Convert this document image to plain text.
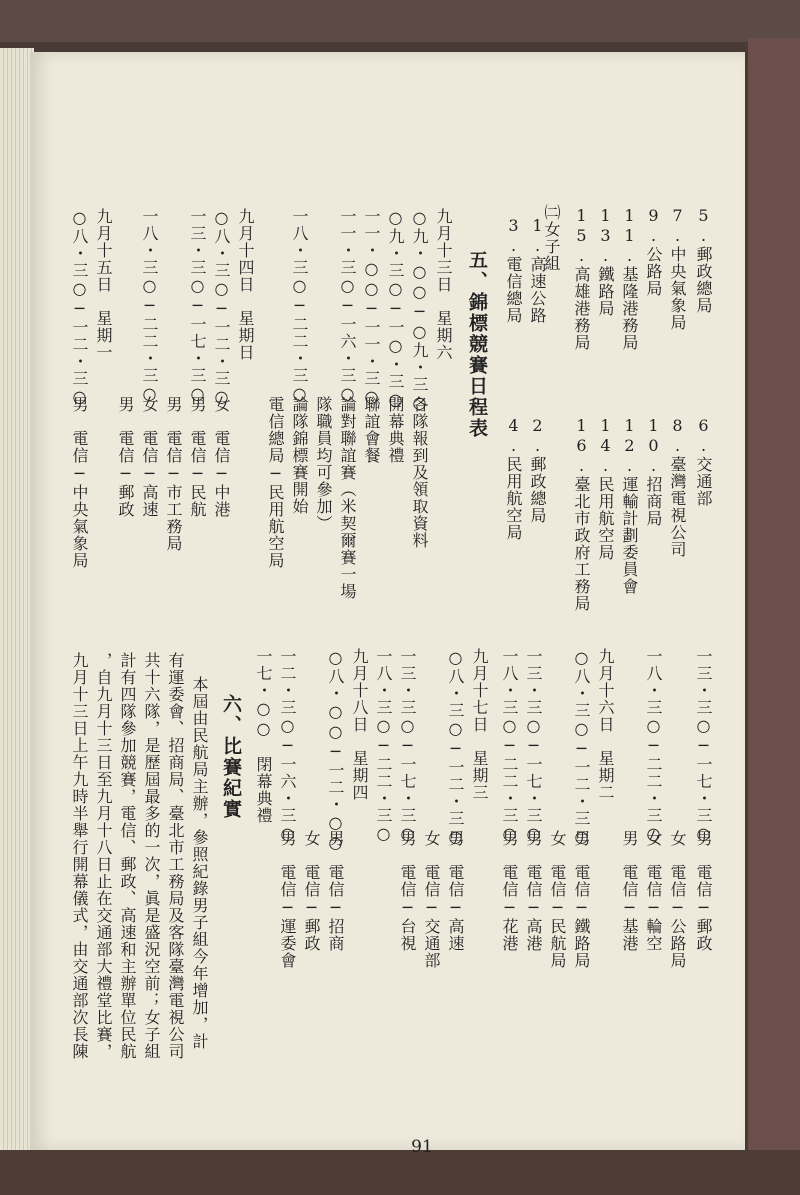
91
5.郵政總局
6.交通部
7.中央氣象局
8.臺灣電視公司
9.公路局
10.招商局
11.基隆港務局
12.運輸計劃委員會
13.鐵路局
14.民用航空局
15.高雄港務局
16.臺北市政府工務局
㈡女子組
1.高速公路
2.郵政總局
3.電信總局
4.民用航空局
五、錦標競賽日程表
九月十三日　星期六
○九・○○─○九・三○
各隊報到及領取資料
○九・三○─一○・三○
開幕典禮
一一・○○─一一・三○
聯誼會餐
一一・三○─一六・三○
論對聯誼賽（米契爾賽一場
隊職員均可參加）
一八・三○─二二・三○
論隊錦標賽開始
電信總局─民用航空局
九月十四日　星期日
○八・三○─一二・三○
女　電信─中港
一三・三○─一七・三○
男　電信─民航
男　電信─市工務局
一八・三○─二二・三○
女　電信─高速
男　電信─郵政
九月十五日　星期一
○八・三○─一二・三○
男　電信─中央氣象局
一三・三○─一七・三○
男　電信─郵政
女　電信─公路局
一八・三○─二二・三○
女　電信─輪空
男　電信─基港
九月十六日　星期二
○八・三○─一二・三○
男　電信─鐵路局
女　電信─民航局
一三・三○─一七・三○
男　電信─高港
一八・三○─二二・三○
男　電信─花港
九月十七日　星期三
○八・三○─一二・三○
男　電信─高速
女　電信─交通部
一三・三○─一七・三○
男　電信─台視
一八・三○─二二・三○
九月十八日　星期四
○八・○○─一二・○○
男　電信─招商
女　電信─郵政
一二・三○─一六・三○
男　電信─運委會
一七・○○　閉幕典禮
六、比賽紀實
本屆由民航局主辦，參照紀錄男子組今年增加，計
有運委會、招商局、臺北市工務局及客隊臺灣電視公司
共十六隊，是歷屆最多的一次，眞是盛況空前；女子組
計有四隊參加競賽，電信、郵政、高速和主辦單位民航
，自九月十三日至九月十八日止在交通部大禮堂比賽，
九月十三日上午九時半舉行開幕儀式，由交通部次長陳
